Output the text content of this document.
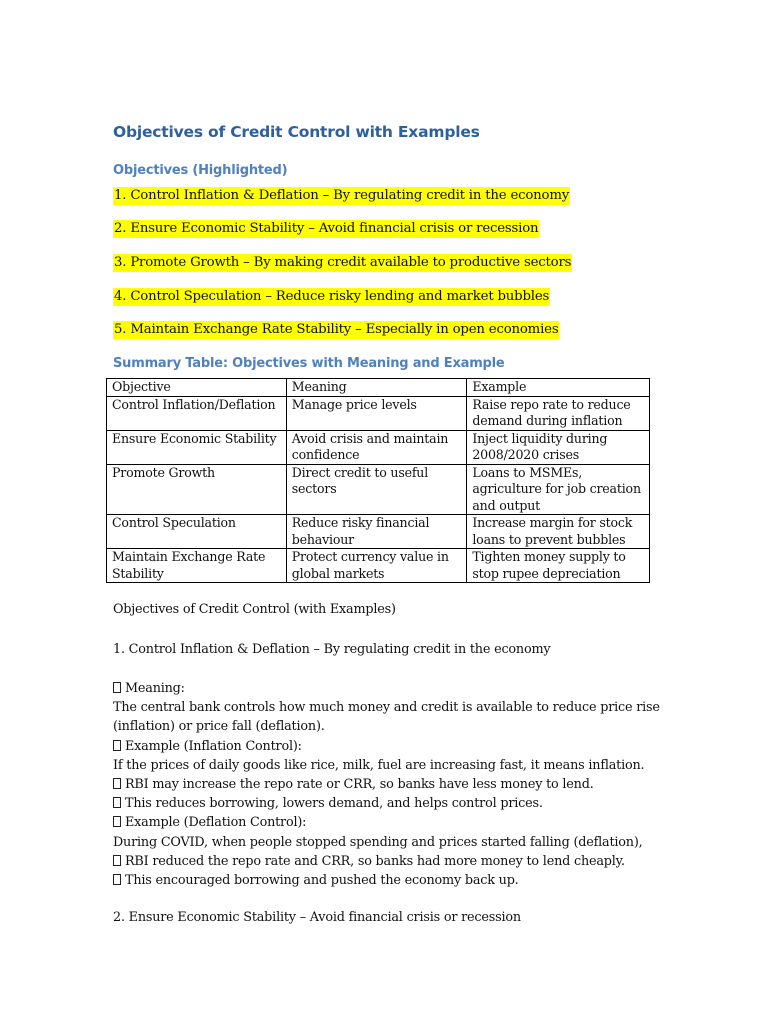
Objectives of Credit Control with Examples
Objectives (Highlighted)
1. Control Inflation & Deflation – By regulating credit in the economy
2. Ensure Economic Stability – Avoid financial crisis or recession
3. Promote Growth – By making credit available to productive sectors
4. Control Speculation – Reduce risky lending and market bubbles
5. Maintain Exchange Rate Stability – Especially in open economies
Summary Table: Objectives with Meaning and Example
Objective	Meaning	Example
Control Inflation/Deflation	Manage price levels	Raise repo rate to reduce demand during inflation
Ensure Economic Stability	Avoid crisis and maintain confidence	Inject liquidity during 2008/2020 crises
Promote Growth	Direct credit to useful sectors	Loans to MSMEs, agriculture for job creation and output
Control Speculation	Reduce risky financial behaviour	Increase margin for stock loans to prevent bubbles
Maintain Exchange Rate Stability	Protect currency value in global markets	Tighten money supply to stop rupee depreciation
Objectives of Credit Control (with Examples)
1. Control Inflation & Deflation – By regulating credit in the economy
Meaning:
The central bank controls how much money and credit is available to reduce price rise
(inflation) or price fall (deflation).
Example (Inflation Control):
If the prices of daily goods like rice, milk, fuel are increasing fast, it means inflation.
RBI may increase the repo rate or CRR, so banks have less money to lend.
This reduces borrowing, lowers demand, and helps control prices.
Example (Deflation Control):
During COVID, when people stopped spending and prices started falling (deflation),
RBI reduced the repo rate and CRR, so banks had more money to lend cheaply.
This encouraged borrowing and pushed the economy back up.
2. Ensure Economic Stability – Avoid financial crisis or recession
